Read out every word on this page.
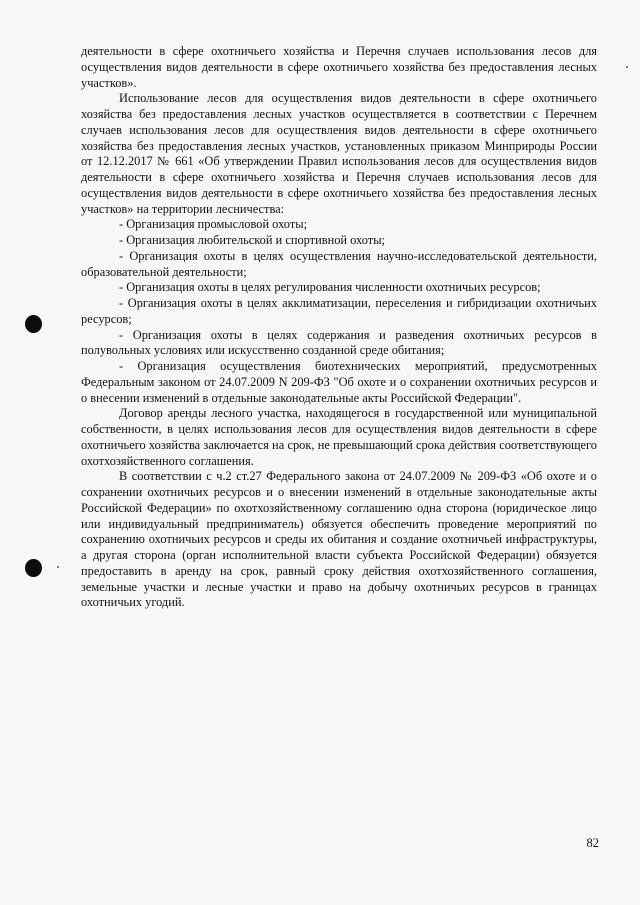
деятельности в сфере охотничьего хозяйства и Перечня случаев использования лесов для осуществления видов деятельности в сфере охотничьего хозяйства без предоставления лесных участков».

Использование лесов для осуществления видов деятельности в сфере охотничьего хозяйства без предоставления лесных участков осуществляется в соответствии с Перечнем случаев использования лесов для осуществления видов деятельности в сфере охотничьего хозяйства без предоставления лесных участков, установленных приказом Минприроды России от 12.12.2017 № 661 «Об утверждении Правил использования лесов для осуществления видов деятельности в сфере охотничьего хозяйства и Перечня случаев использования лесов для осуществления видов деятельности в сфере охотничьего хозяйства без предоставления лесных участков» на территории лесничества:

- Организация промысловой охоты;

- Организация любительской и спортивной охоты;

- Организация охоты в целях осуществления научно-исследовательской деятельности, образовательной деятельности;

- Организация охоты в целях регулирования численности охотничьих ресурсов;

- Организация охоты в целях акклиматизации, переселения и гибридизации охотничьих ресурсов;

- Организация охоты в целях содержания и разведения охотничьих ресурсов в полувольных условиях или искусственно созданной среде обитания;

- Организация осуществления биотехнических мероприятий, предусмотренных Федеральным законом от 24.07.2009 N 209-ФЗ "Об охоте и о сохранении охотничьих ресурсов и о внесении изменений в отдельные законодательные акты Российской Федерации".

Договор аренды лесного участка, находящегося в государственной или муниципальной собственности, в целях использования лесов для осуществления видов деятельности в сфере охотничьего хозяйства заключается на срок, не превышающий срока действия соответствующего охотхозяйственного соглашения.

В соответствии с ч.2 ст.27 Федерального закона от 24.07.2009 № 209-ФЗ «Об охоте и о сохранении охотничьих ресурсов и о внесении изменений в отдельные законодательные акты Российской Федерации» по охотхозяйственному соглашению одна сторона (юридическое лицо или индивидуальный предприниматель) обязуется обеспечить проведение мероприятий по сохранению охотничьих ресурсов и среды их обитания и создание охотничьей инфраструктуры, а другая сторона (орган исполнительной власти субъекта Российской Федерации) обязуется предоставить в аренду на срок, равный сроку действия охотхозяйственного соглашения, земельные участки и лесные участки и право на добычу охотничьих ресурсов в границах охотничьих угодий.

82
